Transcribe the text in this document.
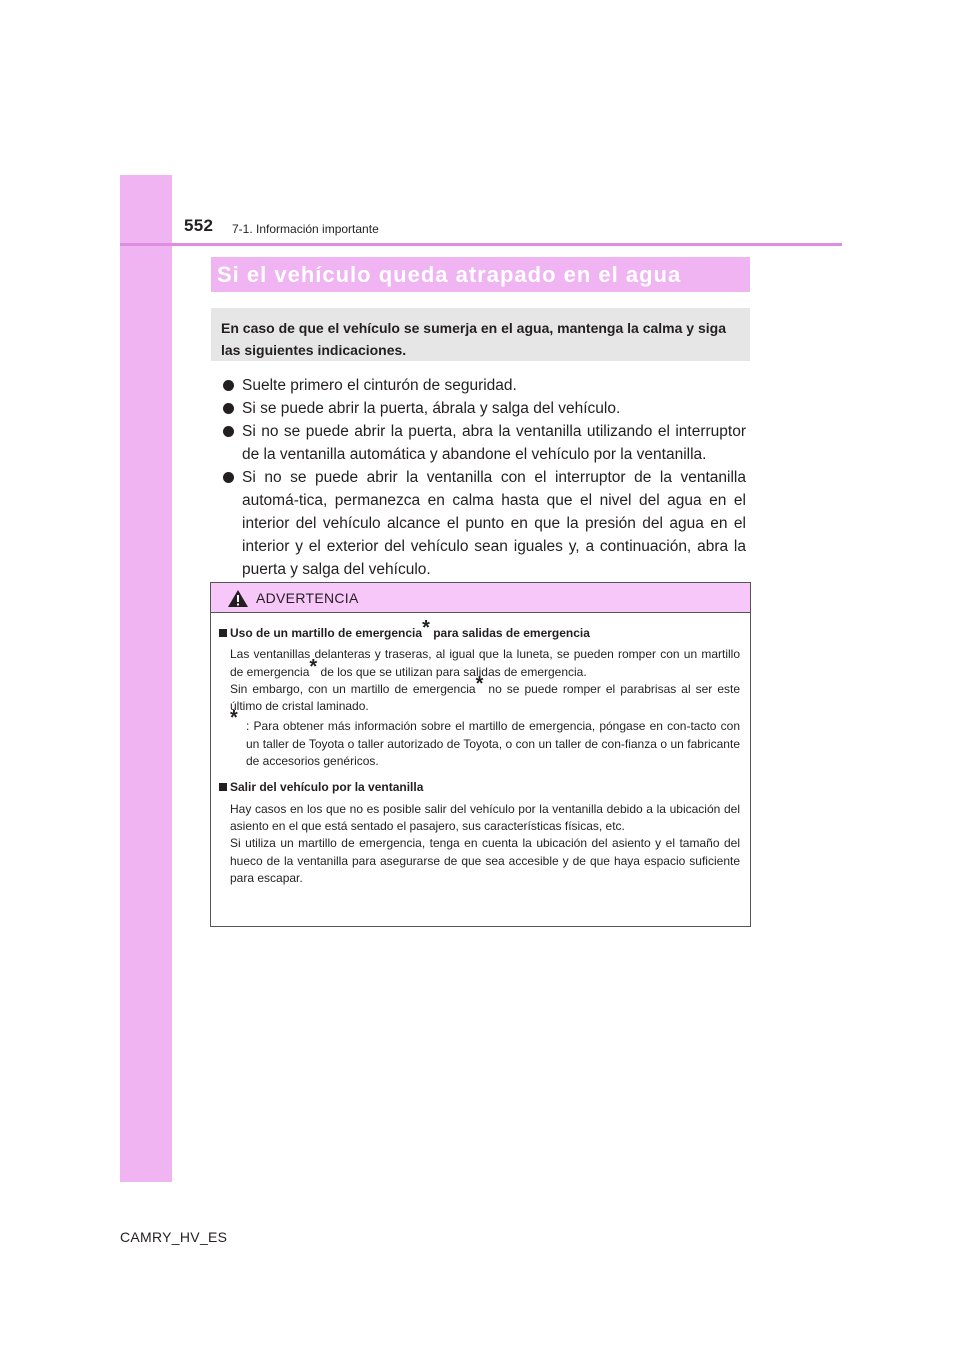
552 7-1. Información importante
Si el vehículo queda atrapado en el agua
En caso de que el vehículo se sumerja en el agua, mantenga la calma y siga las siguientes indicaciones.
Suelte primero el cinturón de seguridad.
Si se puede abrir la puerta, ábrala y salga del vehículo.
Si no se puede abrir la puerta, abra la ventanilla utilizando el interruptor de la ventanilla automática y abandone el vehículo por la ventanilla.
Si no se puede abrir la ventanilla con el interruptor de la ventanilla automá-tica, permanezca en calma hasta que el nivel del agua en el interior del vehículo alcance el punto en que la presión del agua en el interior y el exterior del vehículo sean iguales y, a continuación, abra la puerta y salga del vehículo.
ADVERTENCIA
Uso de un martillo de emergencia* para salidas de emergencia
Las ventanillas delanteras y traseras, al igual que la luneta, se pueden romper con un martillo de emergencia* de los que se utilizan para salidas de emergencia.
Sin embargo, con un martillo de emergencia* no se puede romper el parabrisas al ser este último de cristal laminado.
* : Para obtener más información sobre el martillo de emergencia, póngase en con-tacto con un taller de Toyota o taller autorizado de Toyota, o con un taller de con-fianza o un fabricante de accesorios genéricos.
Salir del vehículo por la ventanilla
Hay casos en los que no es posible salir del vehículo por la ventanilla debido a la ubicación del asiento en el que está sentado el pasajero, sus características físicas, etc.
Si utiliza un martillo de emergencia, tenga en cuenta la ubicación del asiento y el tamaño del hueco de la ventanilla para asegurarse de que sea accesible y de que haya espacio suficiente para escapar.
CAMRY_HV_ES
